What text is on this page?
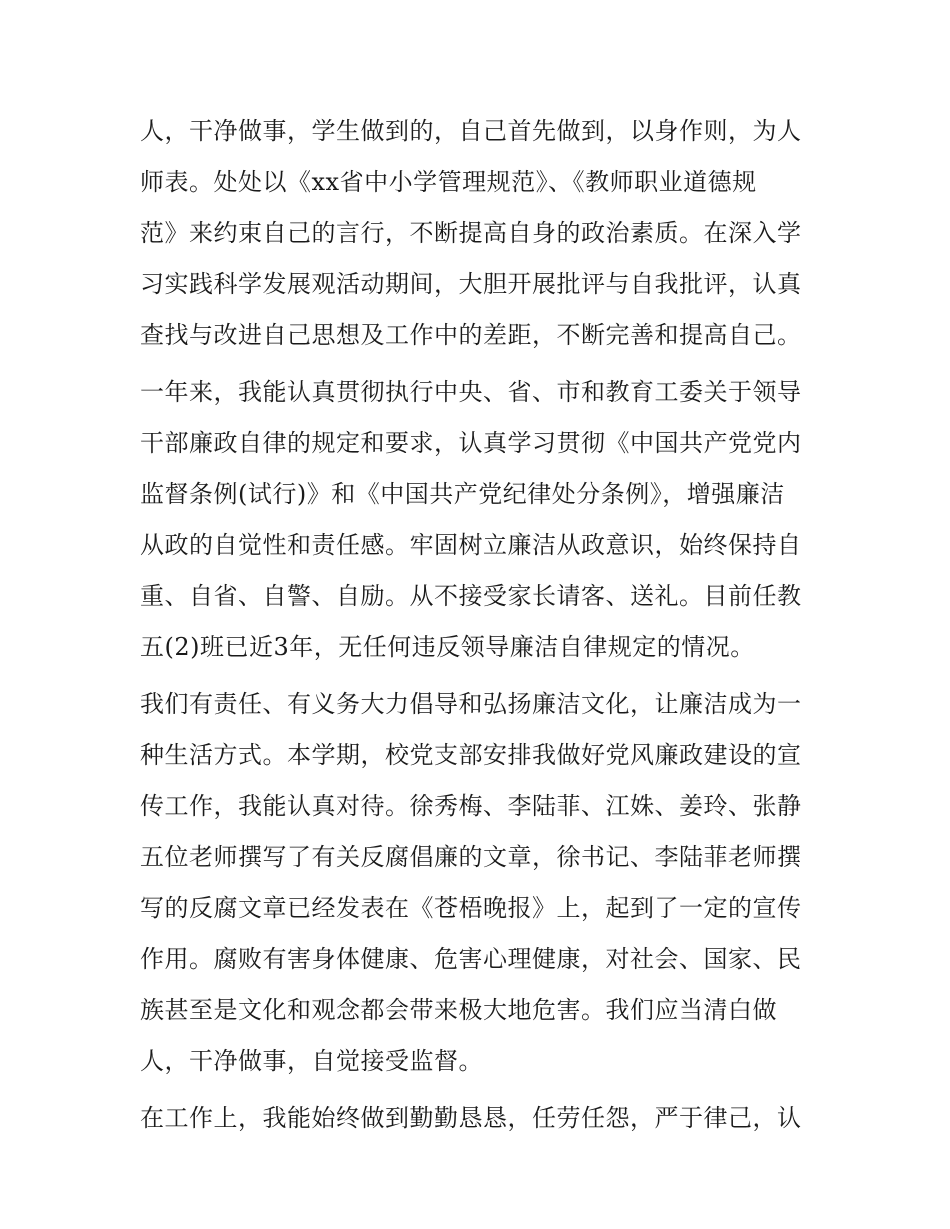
人，干净做事，学生做到的，自己首先做到，以身作则，为人
师表。处处以《xx省中小学管理规范》、《教师职业道德规
范》来约束自己的言行，不断提高自身的政治素质。在深入学
习实践科学发展观活动期间，大胆开展批评与自我批评，认真
查找与改进自己思想及工作中的差距，不断完善和提高自己。

一年来，我能认真贯彻执行中央、省、市和教育工委关于领导
干部廉政自律的规定和要求，认真学习贯彻《中国共产党党内
监督条例(试行)》和《中国共产党纪律处分条例》，增强廉洁
从政的自觉性和责任感。牢固树立廉洁从政意识，始终保持自
重、自省、自警、自励。从不接受家长请客、送礼。目前任教
五(2)班已近3年，无任何违反领导廉洁自律规定的情况。

我们有责任、有义务大力倡导和弘扬廉洁文化，让廉洁成为一
种生活方式。本学期，校党支部安排我做好党风廉政建设的宣
传工作，我能认真对待。徐秀梅、李陆菲、江姝、姜玲、张静
五位老师撰写了有关反腐倡廉的文章，徐书记、李陆菲老师撰
写的反腐文章已经发表在《苍梧晚报》上，起到了一定的宣传
作用。腐败有害身体健康、危害心理健康，对社会、国家、民
族甚至是文化和观念都会带来极大地危害。我们应当清白做
人，干净做事，自觉接受监督。

在工作上，我能始终做到勤勤恳恳，任劳任怨，严于律己，认
